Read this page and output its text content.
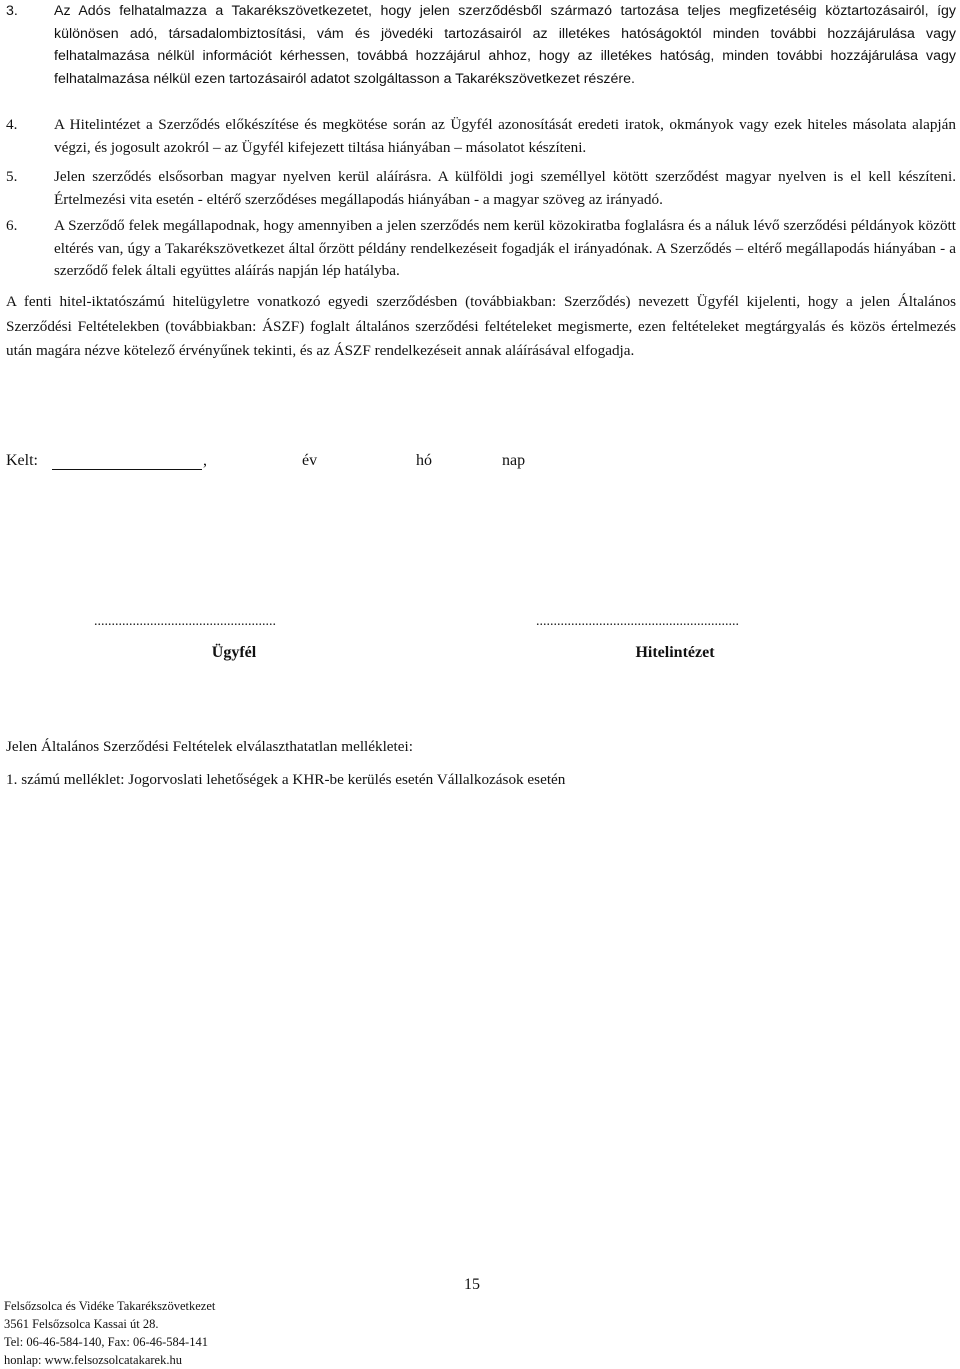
3.	Az Adós felhatalmazza a Takarékszövetkezetet, hogy jelen szerződésből származó tartozása teljes megfizetéséig köztartozásairól, így különösen adó, társadalombiztosítási, vám és jövedéki tartozásairól az illetékes hatóságoktól minden további hozzájárulása vagy felhatalmazása nélkül információt kérhessen, továbbá hozzájárul ahhoz, hogy az illetékes hatóság, minden további hozzájárulása vagy felhatalmazása nélkül ezen tartozásairól adatot szolgáltasson a Takarékszövetkezet részére.
4. A Hitelintézet a Szerződés előkészítése és megkötése során az Ügyfél azonosítását eredeti iratok, okmányok vagy ezek hiteles másolata alapján végzi, és jogosult azokról – az Ügyfél kifejezett tiltása hiányában – másolatot készíteni.
5. Jelen szerződés elsősorban magyar nyelven kerül aláírásra. A külföldi jogi személlyel kötött szerződést magyar nyelven is el kell készíteni. Értelmezési vita esetén - eltérő szerződéses megállapodás hiányában - a magyar szöveg az irányadó.
6. A Szerződő felek megállapodnak, hogy amennyiben a jelen szerződés nem kerül közokiratba foglalásra és a náluk lévő szerződési példányok között eltérés van, úgy a Takarékszövetkezet által őrzött példány rendelkezéseit fogadják el irányadónak. A Szerződés – eltérő megállapodás hiányában - a szerződő felek általi együttes aláírás napján lép hatályba.
A fenti hitel-iktatószámú hitelügyletre vonatkozó egyedi szerződésben (továbbiakban: Szerződés) nevezett Ügyfél kijelenti, hogy a jelen Általános Szerződési Feltételekben (továbbiakban: ÁSZF) foglalt általános szerződési feltételeket megismerte, ezen feltételeket megtárgyalás és közös értelmezés után magára nézve kötelező érvényűnek tekinti, és az ÁSZF rendelkezéseit annak aláírásával elfogadja.
Kelt:	,	év	hó	nap
....................................................	..........................................................
Ügyfél	Hitelintézet
Jelen Általános Szerződési Feltételek elválaszthatatlan mellékletei:
1. számú melléklet: Jogorvoslati lehetőségek a KHR-be kerülés esetén Vállalkozások esetén
15
Felsőzsolca és Vidéke Takarékszövetkezet
3561 Felsőzsolca Kassai út 28.
Tel: 06-46-584-140, Fax: 06-46-584-141
honlap: www.felsozsolcatakarek.hu
